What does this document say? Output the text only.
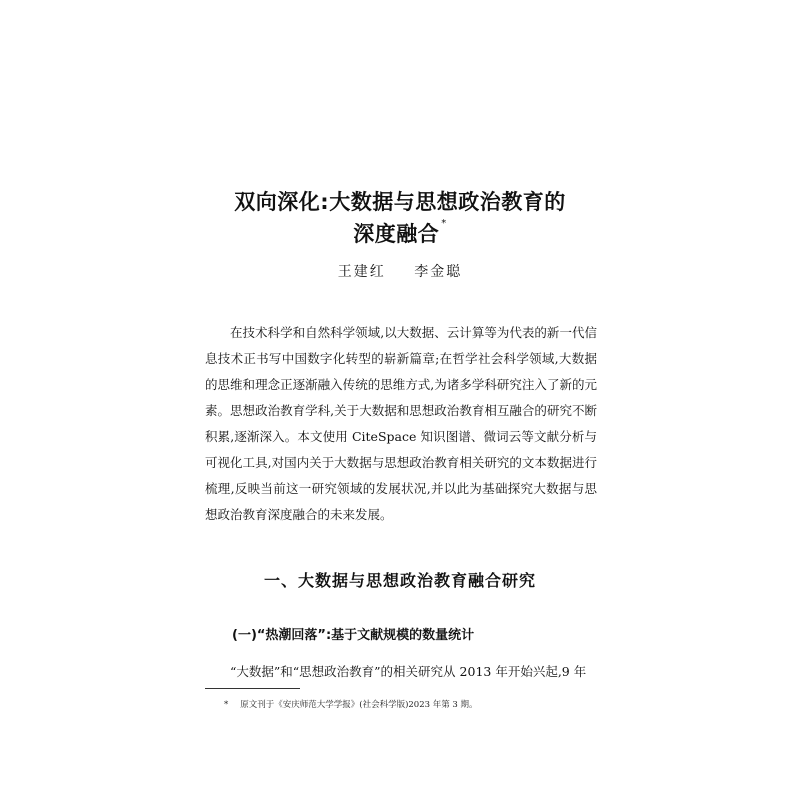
双向深化:大数据与思想政治教育的
深度融合 *
王建红 李金聪

在技术科学和自然科学领域,以大数据、云计算等为代表的新一代信息技术正书写中国数字化转型的崭新篇章;在哲学社会科学领域,大数据的思维和理念正逐渐融入传统的思维方式,为诸多学科研究注入了新的元素。思想政治教育学科,关于大数据和思想政治教育相互融合的研究不断积累,逐渐深入。本文使用 CiteSpace 知识图谱、微词云等文献分析与可视化工具,对国内关于大数据与思想政治教育相关研究的文本数据进行梳理,反映当前这一研究领域的发展状况,并以此为基础探究大数据与思想政治教育深度融合的未来发展。

一、大数据与思想政治教育融合研究
(一)“热潮回落”:基于文献规模的数量统计
“大数据”和“思想政治教育”的相关研究从 2013 年开始兴起,9 年
* 原文刊于《安庆师范大学学报》(社会科学版)2023 年第 3 期。
